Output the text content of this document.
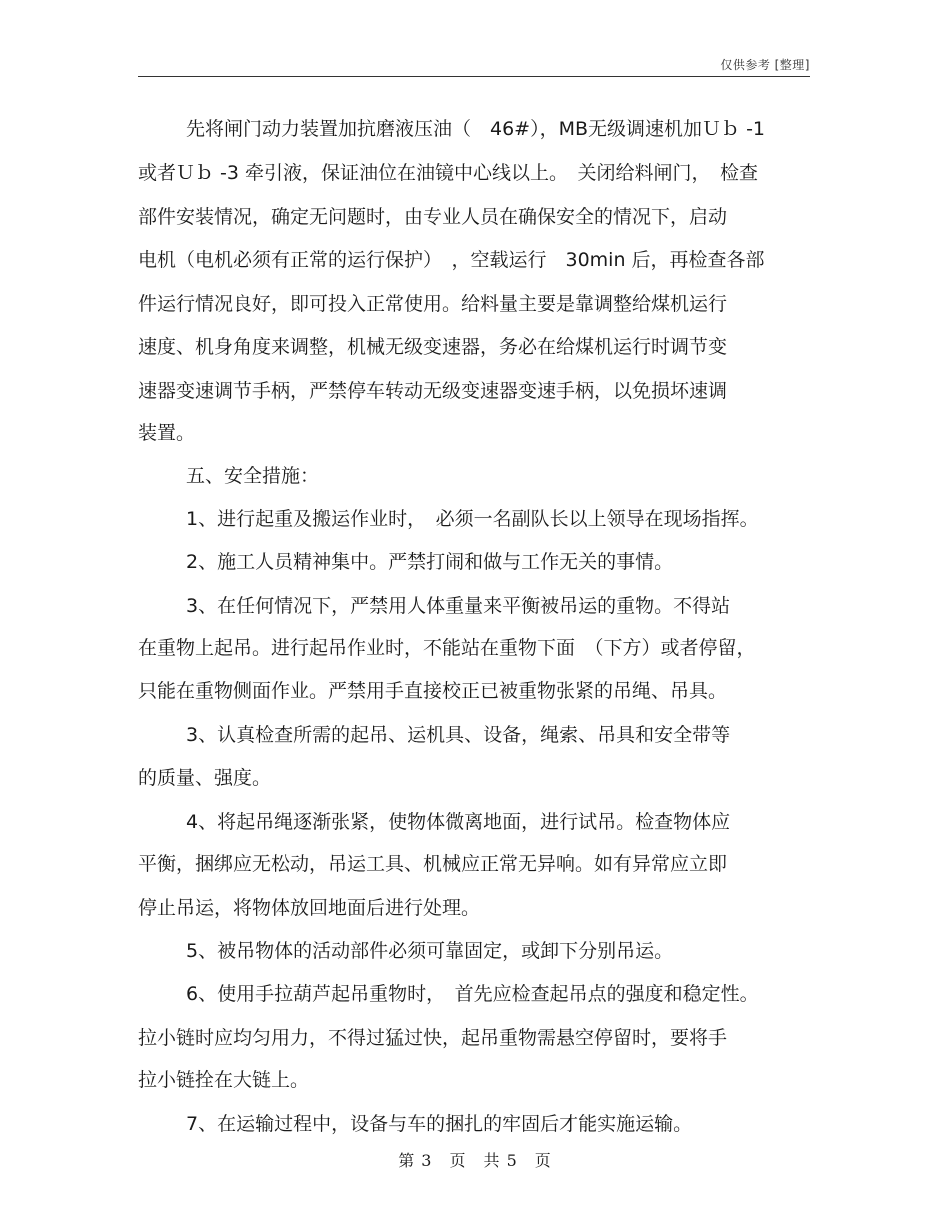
仅供参考 [整理]
先将闸门动力装置加抗磨液压油（　46#），MB无级调速机加Ｕｂ -1
或者Ｕｂ -3 牵引液，保证油位在油镜中心线以上。　关闭给料闸门，　检查
部件安装情况，确定无问题时，由专业人员在确保安全的情况下，启动
电机（电机必须有正常的运行保护）　，空载运行　30min 后，再检查各部
件运行情况良好，即可投入正常使用。给料量主要是靠调整给煤机运行
速度、机身角度来调整，机械无级变速器，务必在给煤机运行时调节变
速器变速调节手柄，严禁停车转动无级变速器变速手柄，以免损坏速调
装置。
五、安全措施：
1、进行起重及搬运作业时，　必须一名副队长以上领导在现场指挥。
2、施工人员精神集中。严禁打闹和做与工作无关的事情。
3、在任何情况下，严禁用人体重量来平衡被吊运的重物。不得站
在重物上起吊。进行起吊作业时，不能站在重物下面　（下方）或者停留，
只能在重物侧面作业。严禁用手直接校正已被重物张紧的吊绳、吊具。
3、认真检查所需的起吊、运机具、设备，绳索、吊具和安全带等
的质量、强度。
4、将起吊绳逐渐张紧，使物体微离地面，进行试吊。检查物体应
平衡，捆绑应无松动，吊运工具、机械应正常无异响。如有异常应立即
停止吊运，将物体放回地面后进行处理。
5、被吊物体的活动部件必须可靠固定，或卸下分别吊运。
6、使用手拉葫芦起吊重物时，　首先应检查起吊点的强度和稳定性。
拉小链时应均匀用力，不得过猛过快，起吊重物需悬空停留时，要将手
拉小链拴在大链上。
7、在运输过程中，设备与车的捆扎的牢固后才能实施运输。
第 3　页　共 5　页
